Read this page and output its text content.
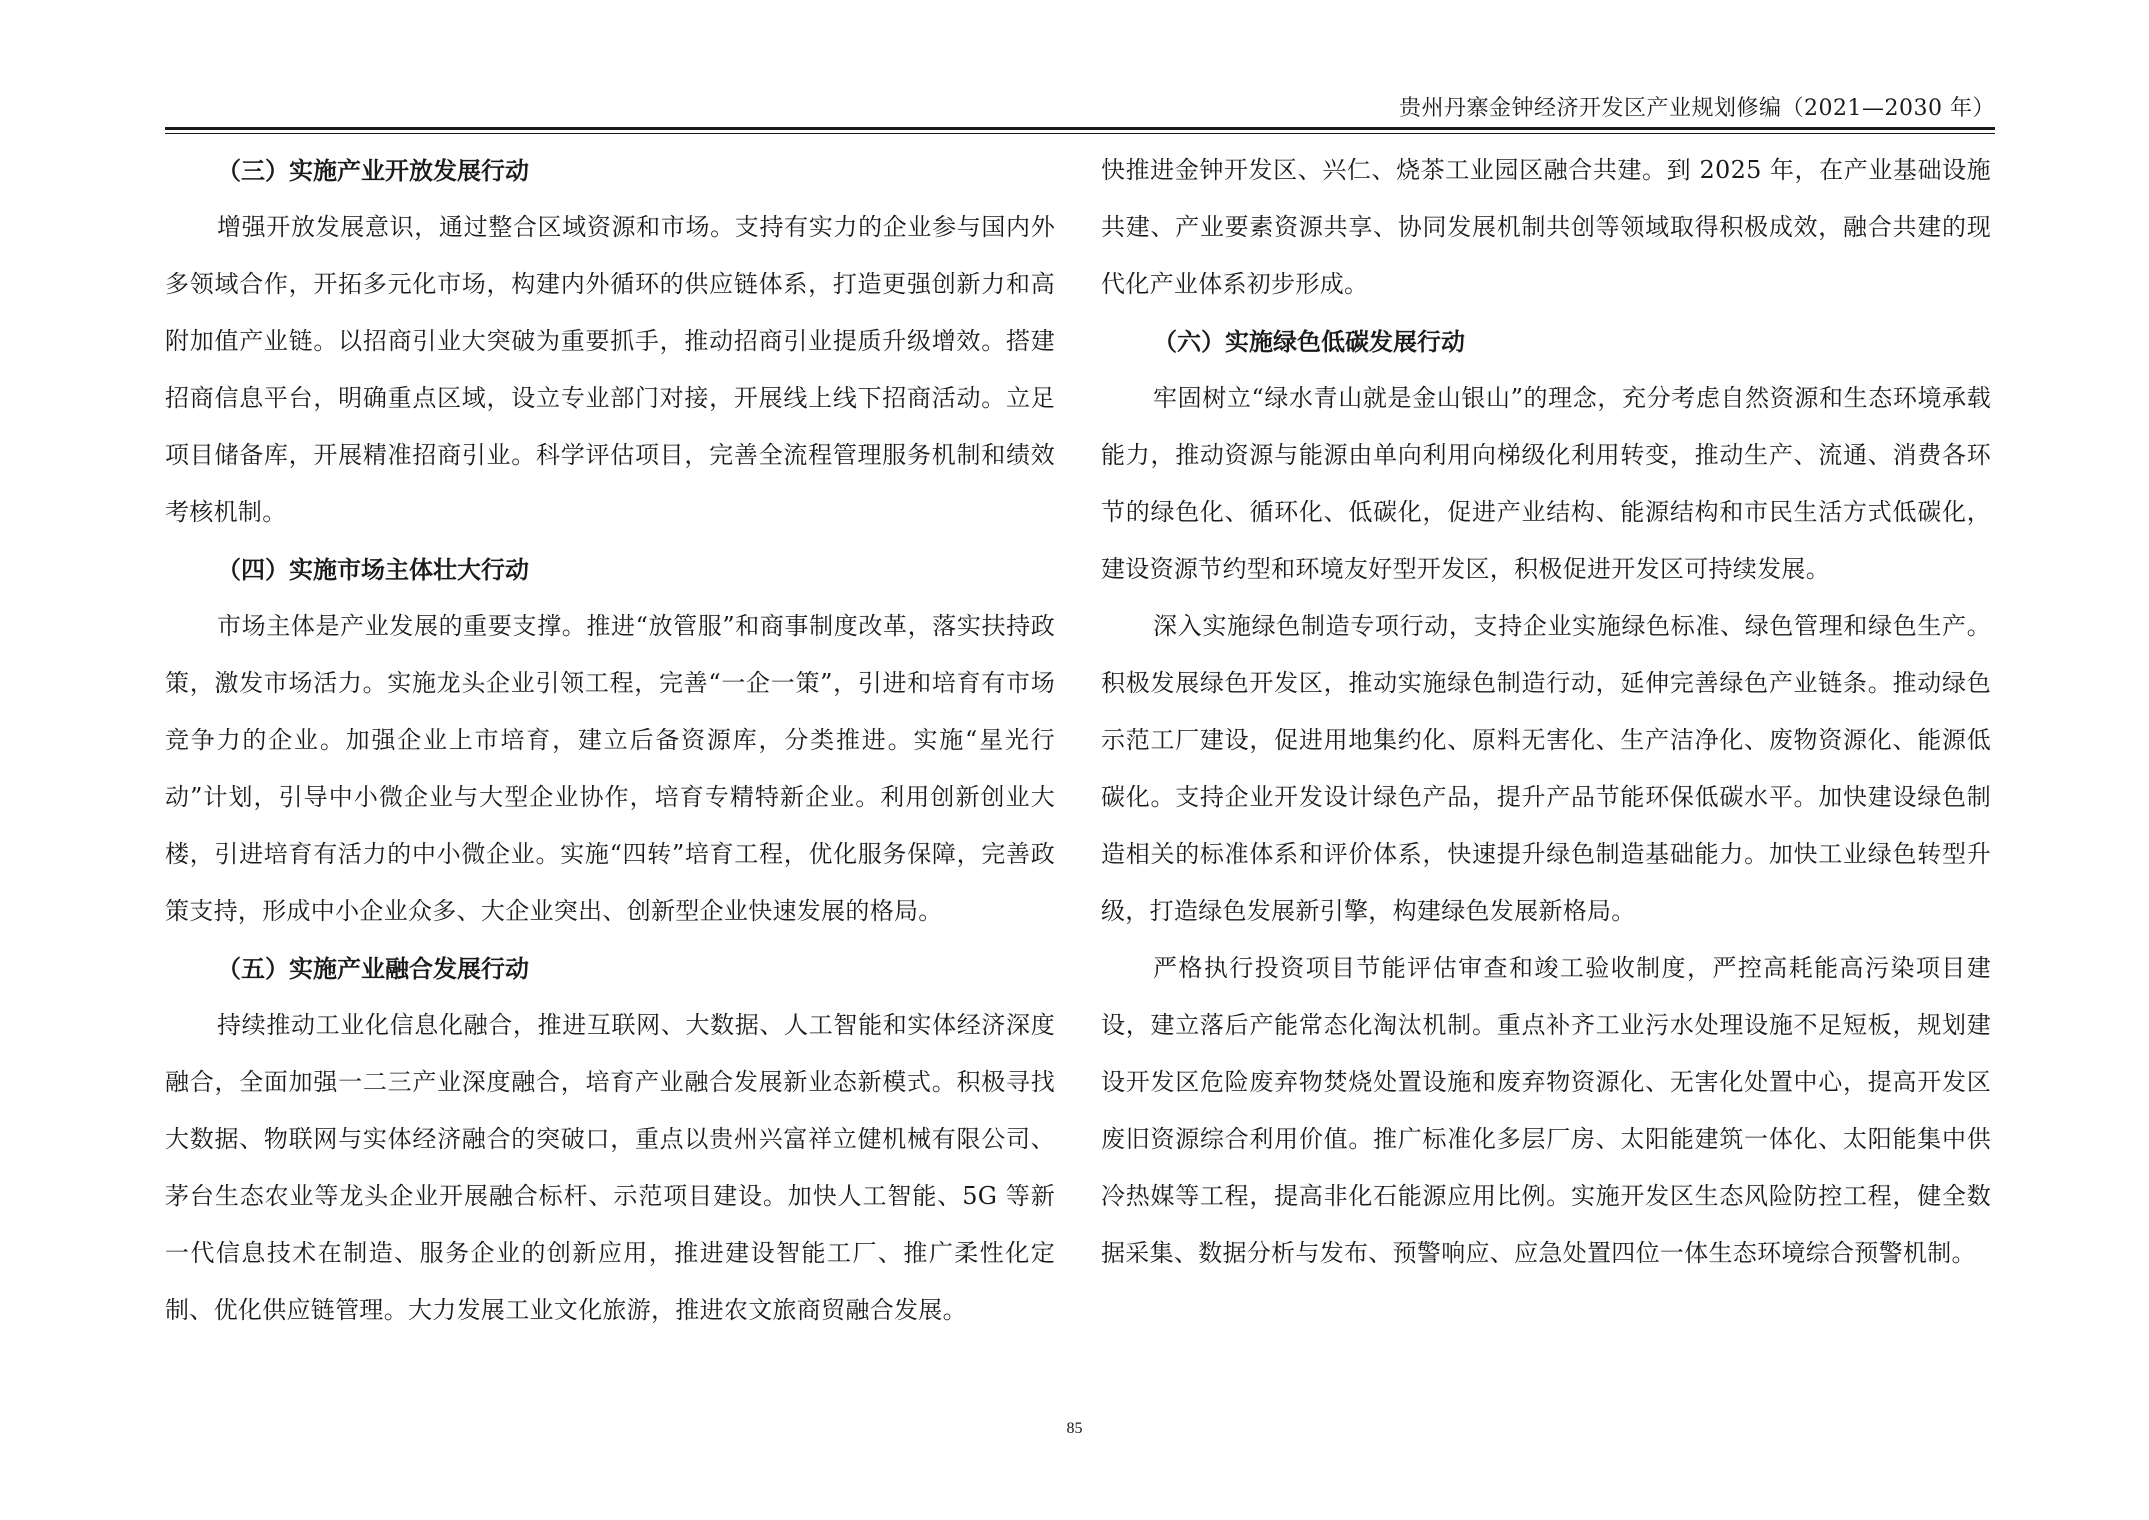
贵州丹寨金钟经济开发区产业规划修编（2021—2030 年）
（三）实施产业开放发展行动

增强开放发展意识，通过整合区域资源和市场。支持有实力的企业参与国内外多领域合作，开拓多元化市场，构建内外循环的供应链体系，打造更强创新力和高附加值产业链。以招商引业大突破为重要抓手，推动招商引业提质升级增效。搭建招商信息平台，明确重点区域，设立专业部门对接，开展线上线下招商活动。立足项目储备库，开展精准招商引业。科学评估项目，完善全流程管理服务机制和绩效考核机制。

（四）实施市场主体壮大行动

市场主体是产业发展的重要支撑。推进“放管服”和商事制度改革，落实扶持政策，激发市场活力。实施龙头企业引领工程，完善“一企一策”，引进和培育有市场竞争力的企业。加强企业上市培育，建立后备资源库，分类推进。实施“星光行动”计划，引导中小微企业与大型企业协作，培育专精特新企业。利用创新创业大楼，引进培育有活力的中小微企业。实施“四转”培育工程，优化服务保障，完善政策支持，形成中小企业众多、大企业突出、创新型企业快速发展的格局。

（五）实施产业融合发展行动

持续推动工业化信息化融合，推进互联网、大数据、人工智能和实体经济深度融合，全面加强一二三产业深度融合，培育产业融合发展新业态新模式。积极寻找大数据、物联网与实体经济融合的突破口，重点以贵州兴富祥立健机械有限公司、茅台生态农业等龙头企业开展融合标杆、示范项目建设。加快人工智能、5G 等新一代信息技术在制造、服务企业的创新应用，推进建设智能工厂、推广柔性化定制、优化供应链管理。大力发展工业文化旅游，推进农文旅商贸融合发展。

快推进金钟开发区、兴仁、烧茶工业园区融合共建。到 2025 年，在产业基础设施共建、产业要素资源共享、协同发展机制共创等领域取得积极成效，融合共建的现代化产业体系初步形成。

（六）实施绿色低碳发展行动

牢固树立“绿水青山就是金山银山”的理念，充分考虑自然资源和生态环境承载能力，推动资源与能源由单向利用向梯级化利用转变，推动生产、流通、消费各环节的绿色化、循环化、低碳化，促进产业结构、能源结构和市民生活方式低碳化，建设资源节约型和环境友好型开发区，积极促进开发区可持续发展。

深入实施绿色制造专项行动，支持企业实施绿色标准、绿色管理和绿色生产。积极发展绿色开发区，推动实施绿色制造行动，延伸完善绿色产业链条。推动绿色示范工厂建设，促进用地集约化、原料无害化、生产洁净化、废物资源化、能源低碳化。支持企业开发设计绿色产品，提升产品节能环保低碳水平。加快建设绿色制造相关的标准体系和评价体系，快速提升绿色制造基础能力。加快工业绿色转型升级，打造绿色发展新引擎，构建绿色发展新格局。

严格执行投资项目节能评估审查和竣工验收制度，严控高耗能高污染项目建设，建立落后产能常态化淘汰机制。重点补齐工业污水处理设施不足短板，规划建设开发区危险废弃物焚烧处置设施和废弃物资源化、无害化处置中心，提高开发区废旧资源综合利用价值。推广标准化多层厂房、太阳能建筑一体化、太阳能集中供冷热媒等工程，提高非化石能源应用比例。实施开发区生态风险防控工程，健全数据采集、数据分析与发布、预警响应、应急处置四位一体生态环境综合预警机制。

85
